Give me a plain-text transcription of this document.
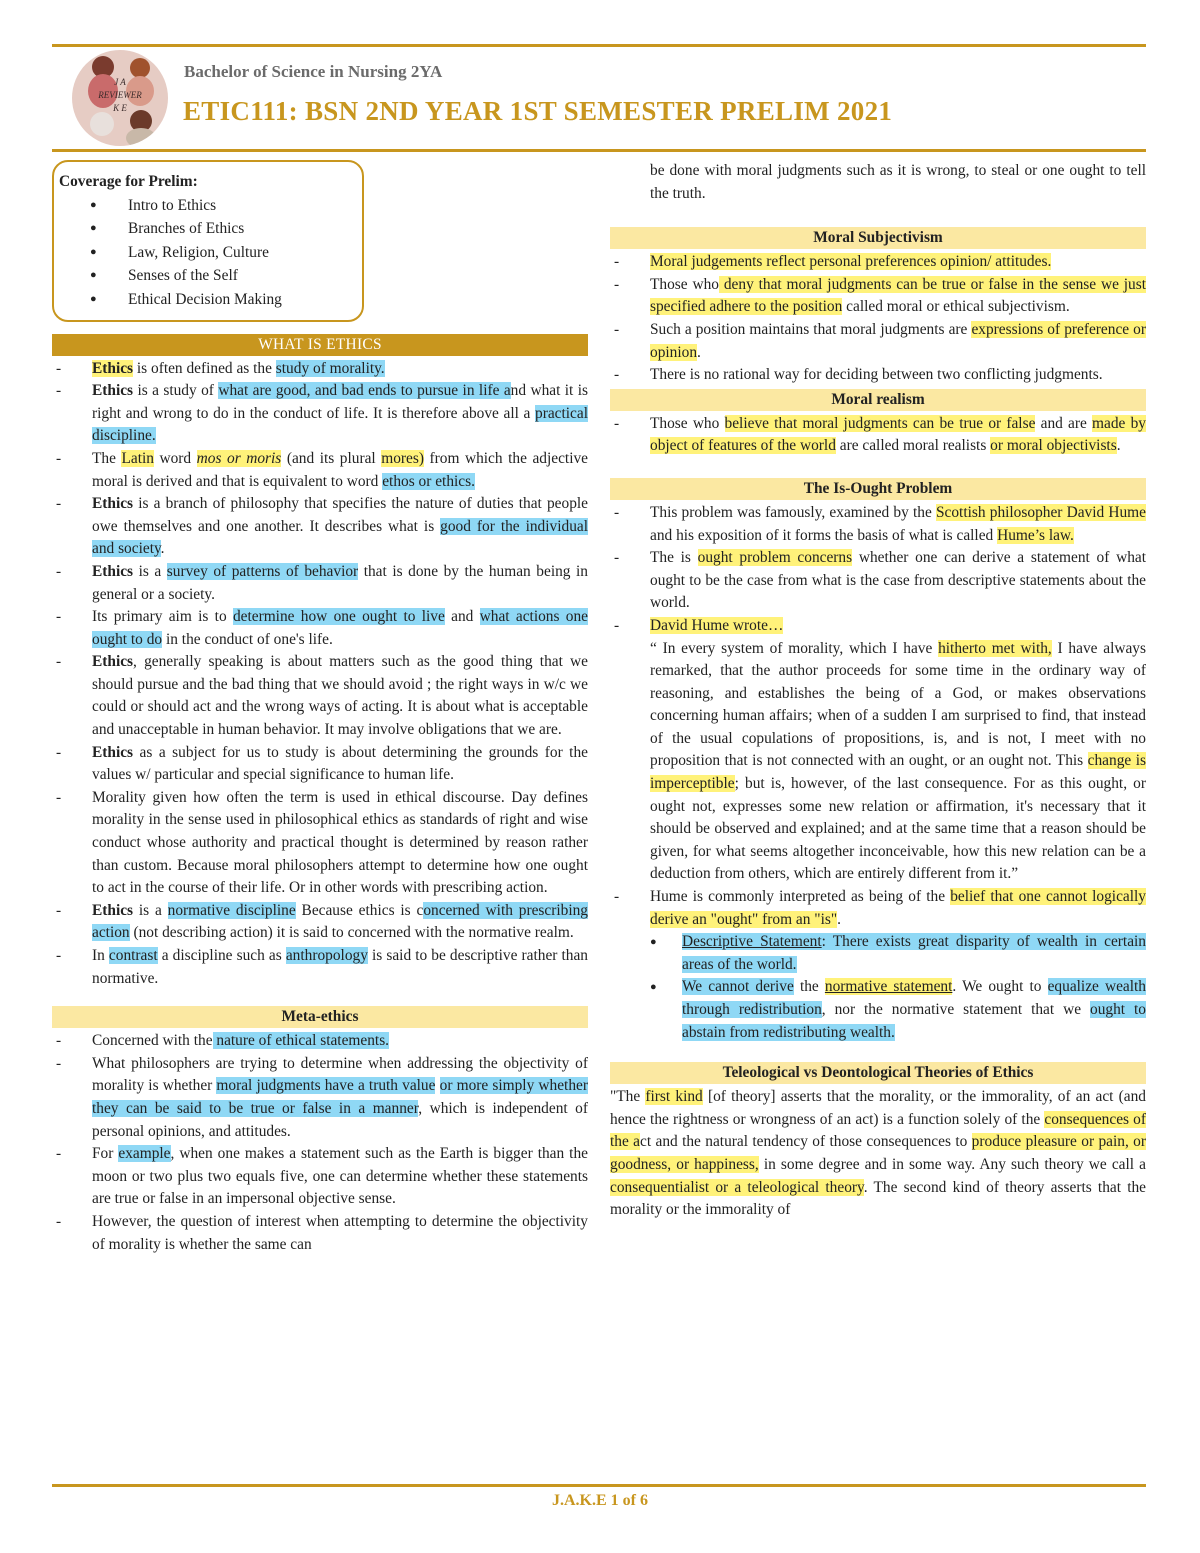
J A
REVIEWER
K E
Bachelor of Science in Nursing 2YA
ETIC111: BSN 2ND YEAR 1ST SEMESTER PRELIM 2021
Coverage for Prelim:
● Intro to Ethics
● Branches of Ethics
● Law, Religion, Culture
● Senses of the Self
● Ethical Decision Making
WHAT IS ETHICS
- Ethics is often defined as the study of morality.
- Ethics is a study of what are good, and bad ends to pursue in life and what it is right and wrong to do in the conduct of life. It is therefore above all a practical discipline.
- The Latin word mos or moris (and its plural mores) from which the adjective moral is derived and that is equivalent to word ethos or ethics.
- Ethics is a branch of philosophy that specifies the nature of duties that people owe themselves and one another. It describes what is good for the individual and society.
- Ethics is a survey of patterns of behavior that is done by the human being in general or a society.
- Its primary aim is to determine how one ought to live and what actions one ought to do in the conduct of one's life.
- Ethics, generally speaking is about matters such as the good thing that we should pursue and the bad thing that we should avoid ; the right ways in w/c we could or should act and the wrong ways of acting. It is about what is acceptable and unacceptable in human behavior. It may involve obligations that we are.
- Ethics as a subject for us to study is about determining the grounds for the values w/ particular and special significance to human life.
- Morality given how often the term is used in ethical discourse. Day defines morality in the sense used in philosophical ethics as standards of right and wise conduct whose authority and practical thought is determined by reason rather than custom. Because moral philosophers attempt to determine how one ought to act in the course of their life. Or in other words with prescribing action.
- Ethics is a normative discipline Because ethics is concerned with prescribing action (not describing action) it is said to concerned with the normative realm.
- In contrast a discipline such as anthropology is said to be descriptive rather than normative.
Meta-ethics
- Concerned with the nature of ethical statements.
- What philosophers are trying to determine when addressing the objectivity of morality is whether moral judgments have a truth value or more simply whether they can be said to be true or false in a manner, which is independent of personal opinions, and attitudes.
- For example, when one makes a statement such as the Earth is bigger than the moon or two plus two equals five, one can determine whether these statements are true or false in an impersonal objective sense.
- However, the question of interest when attempting to determine the objectivity of morality is whether the same can
be done with moral judgments such as it is wrong, to steal or one ought to tell the truth.
Moral Subjectivism
- Moral judgements reflect personal preferences opinion/ attitudes.
- Those who deny that moral judgments can be true or false in the sense we just specified adhere to the position called moral or ethical subjectivism.
- Such a position maintains that moral judgments are expressions of preference or opinion.
- There is no rational way for deciding between two conflicting judgments.
Moral realism
- Those who believe that moral judgments can be true or false and are made by object of features of the world are called moral realists or moral objectivists.
The Is-Ought Problem
- This problem was famously, examined by the Scottish philosopher David Hume and his exposition of it forms the basis of what is called Hume’s law.
- The is ought problem concerns whether one can derive a statement of what ought to be the case from what is the case from descriptive statements about the world.
- David Hume wrote…
“ In every system of morality, which I have hitherto met with, I have always remarked, that the author proceeds for some time in the ordinary way of reasoning, and establishes the being of a God, or makes observations concerning human affairs; when of a sudden I am surprised to find, that instead of the usual copulations of propositions, is, and is not, I meet with no proposition that is not connected with an ought, or an ought not. This change is imperceptible; but is, however, of the last consequence. For as this ought, or ought not, expresses some new relation or affirmation, it's necessary that it should be observed and explained; and at the same time that a reason should be given, for what seems altogether inconceivable, how this new relation can be a deduction from others, which are entirely different from it.”
- Hume is commonly interpreted as being of the belief that one cannot logically derive an "ought" from an "is".
● Descriptive Statement: There exists great disparity of wealth in certain areas of the world.
● We cannot derive the normative statement. We ought to equalize wealth through redistribution, nor the normative statement that we ought to abstain from redistributing wealth.
Teleological vs Deontological Theories of Ethics
"The first kind [of theory] asserts that the morality, or the immorality, of an act (and hence the rightness or wrongness of an act) is a function solely of the consequences of the act and the natural tendency of those consequences to produce pleasure or pain, or goodness, or happiness, in some degree and in some way. Any such theory we call a consequentialist or a teleological theory. The second kind of theory asserts that the morality or the immorality of
J.A.K.E 1 of 6
